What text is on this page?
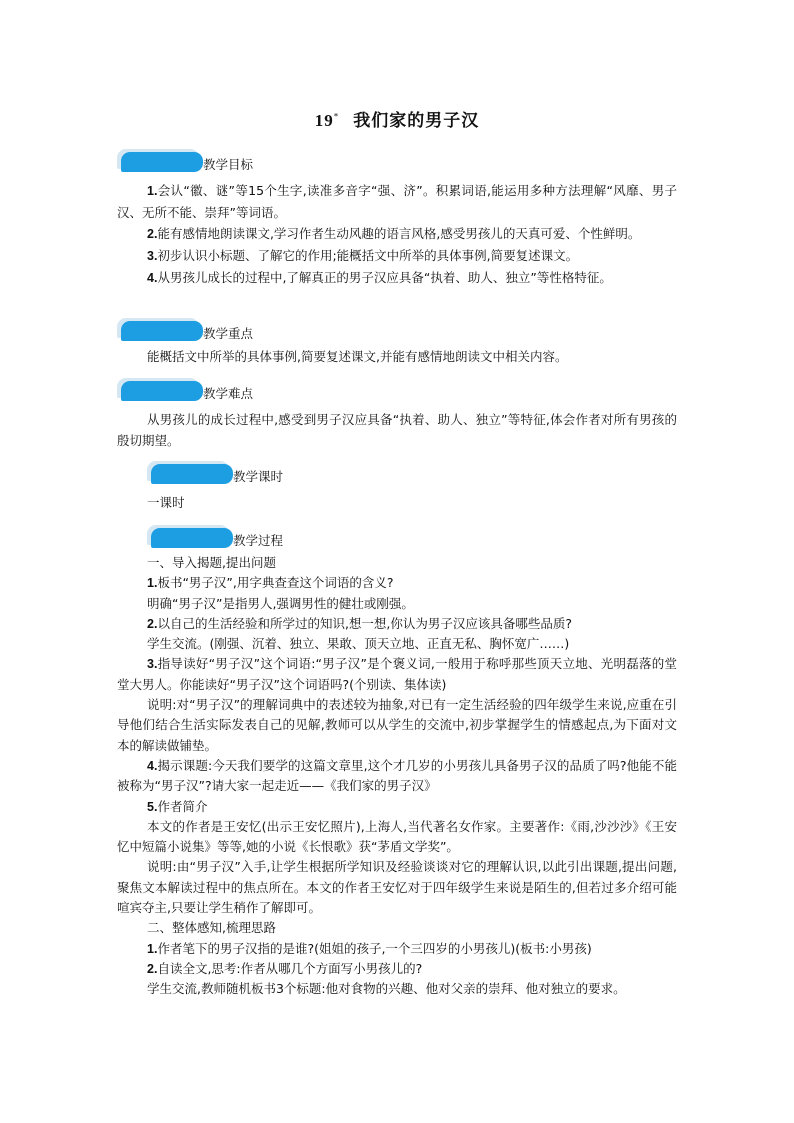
19* 我们家的男子汉
教学目标

1.会认“徽、谜”等15个生字,读准多音字“强、济”。积累词语,能运用多种方法理解“风靡、男子汉、无所不能、崇拜”等词语。

2.能有感情地朗读课文,学习作者生动风趣的语言风格,感受男孩儿的天真可爱、个性鲜明。

3.初步认识小标题、了解它的作用;能概括文中所举的具体事例,简要复述课文。

4.从男孩儿成长的过程中,了解真正的男子汉应具备“执着、助人、独立”等性格特征。

教学重点

能概括文中所举的具体事例,简要复述课文,并能有感情地朗读文中相关内容。

教学难点

从男孩儿的成长过程中,感受到男子汉应具备“执着、助人、独立”等特征,体会作者对所有男孩的殷切期望。

教学课时

一课时

教学过程

一、导入揭题,提出问题

1.板书“男子汉”,用字典查查这个词语的含义?

明确“男子汉”是指男人,强调男性的健壮或刚强。

2.以自己的生活经验和所学过的知识,想一想,你认为男子汉应该具备哪些品质?

学生交流。(刚强、沉着、独立、果敢、顶天立地、正直无私、胸怀宽广……)

3.指导读好“男子汉”这个词语:“男子汉”是个褒义词,一般用于称呼那些顶天立地、光明磊落的堂堂大男人。你能读好“男子汉”这个词语吗?(个别读、集体读)

说明:对“男子汉”的理解词典中的表述较为抽象,对已有一定生活经验的四年级学生来说,应重在引导他们结合生活实际发表自己的见解,教师可以从学生的交流中,初步掌握学生的情感起点,为下面对文本的解读做铺垫。

4.揭示课题:今天我们要学的这篇文章里,这个才几岁的小男孩儿具备男子汉的品质了吗?他能不能被称为“男子汉”?请大家一起走近——《我们家的男子汉》

5.作者简介

本文的作者是王安忆(出示王安忆照片),上海人,当代著名女作家。主要著作:《雨,沙沙沙》《王安忆中短篇小说集》等等,她的小说《长恨歌》获“茅盾文学奖”。

说明:由“男子汉”入手,让学生根据所学知识及经验谈谈对它的理解认识,以此引出课题,提出问题,聚焦文本解读过程中的焦点所在。本文的作者王安忆对于四年级学生来说是陌生的,但若过多介绍可能喧宾夺主,只要让学生稍作了解即可。

二、整体感知,梳理思路

1.作者笔下的男子汉指的是谁?(姐姐的孩子,一个三四岁的小男孩儿)(板书:小男孩)

2.自读全文,思考:作者从哪几个方面写小男孩儿的?

学生交流,教师随机板书3个标题:他对食物的兴趣、他对父亲的崇拜、他对独立的要求。
